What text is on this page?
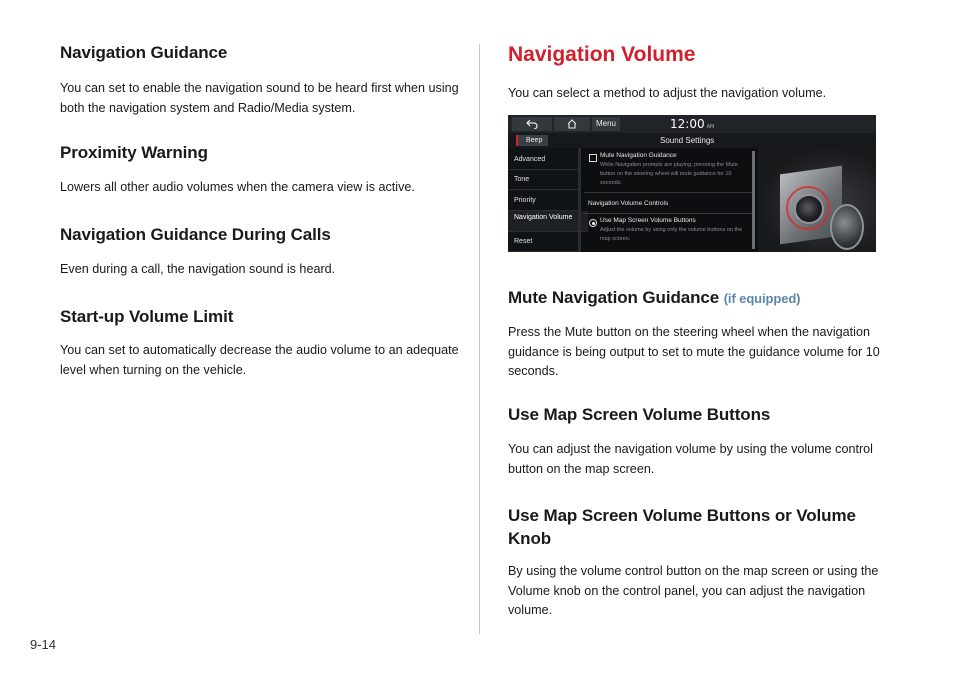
Navigation Guidance

You can set to enable the navigation sound to be heard first when using both the navigation system and Radio/Media system.

Proximity Warning

Lowers all other audio volumes when the camera view is active.

Navigation Guidance During Calls

Even during a call, the navigation sound is heard.

Start-up Volume Limit

You can set to automatically decrease the audio volume to an adequate level when turning on the vehicle.

Navigation Volume

You can select a method to adjust the navigation volume.

Menu	12:00 AM
Beep	Sound Settings
Advanced
Tone
Priority
Navigation Volume
Reset
Mute Navigation Guidance
While Navigation prompts are playing, pressing the Mute button on the steering wheel will mute guidance for 10 seconds.
Navigation Volume Controls
Use Map Screen Volume Buttons
Adjust the volume by using only the volume buttons on the map screen.
Mute Navigation Guidance (if equipped)

Press the Mute button on the steering wheel when the navigation guidance is being output to set to mute the guidance volume for 10 seconds.

Use Map Screen Volume Buttons

You can adjust the navigation volume by using the volume control button on the map screen.

Use Map Screen Volume Buttons or Volume Knob

By using the volume control button on the map screen or using the Volume knob on the control panel, you can adjust the navigation volume.

9-14
